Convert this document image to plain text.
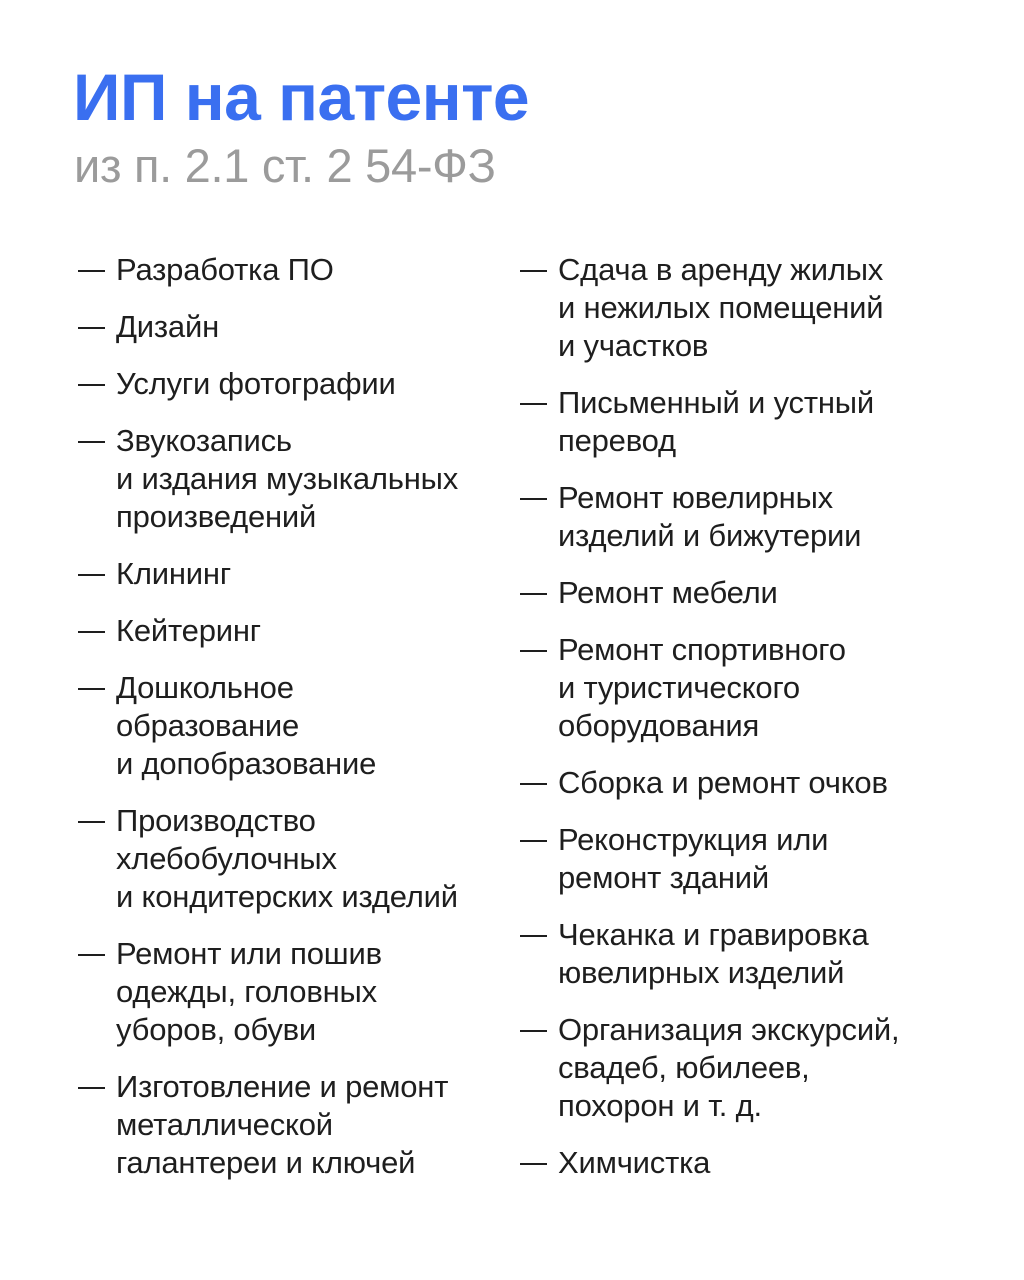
ИП на патенте
из п. 2.1 ст. 2 54-ФЗ
Разработка ПО
Дизайн
Услуги фотографии
Звукозапись
и издания музыкальных
произведений
Клининг
Кейтеринг
Дошкольное
образование
и допобразование
Производство
хлебобулочных
и кондитерских изделий
Ремонт или пошив
одежды, головных
уборов, обуви
Изготовление и ремонт
металлической
галантереи и ключей
Сдача в аренду жилых
и нежилых помещений
и участков
Письменный и устный
перевод
Ремонт ювелирных
изделий и бижутерии
Ремонт мебели
Ремонт спортивного
и туристического
оборудования
Сборка и ремонт очков
Реконструкция или
ремонт зданий
Чеканка и гравировка
ювелирных изделий
Организация экскурсий,
свадеб, юбилеев,
похорон и т. д.
Химчистка
